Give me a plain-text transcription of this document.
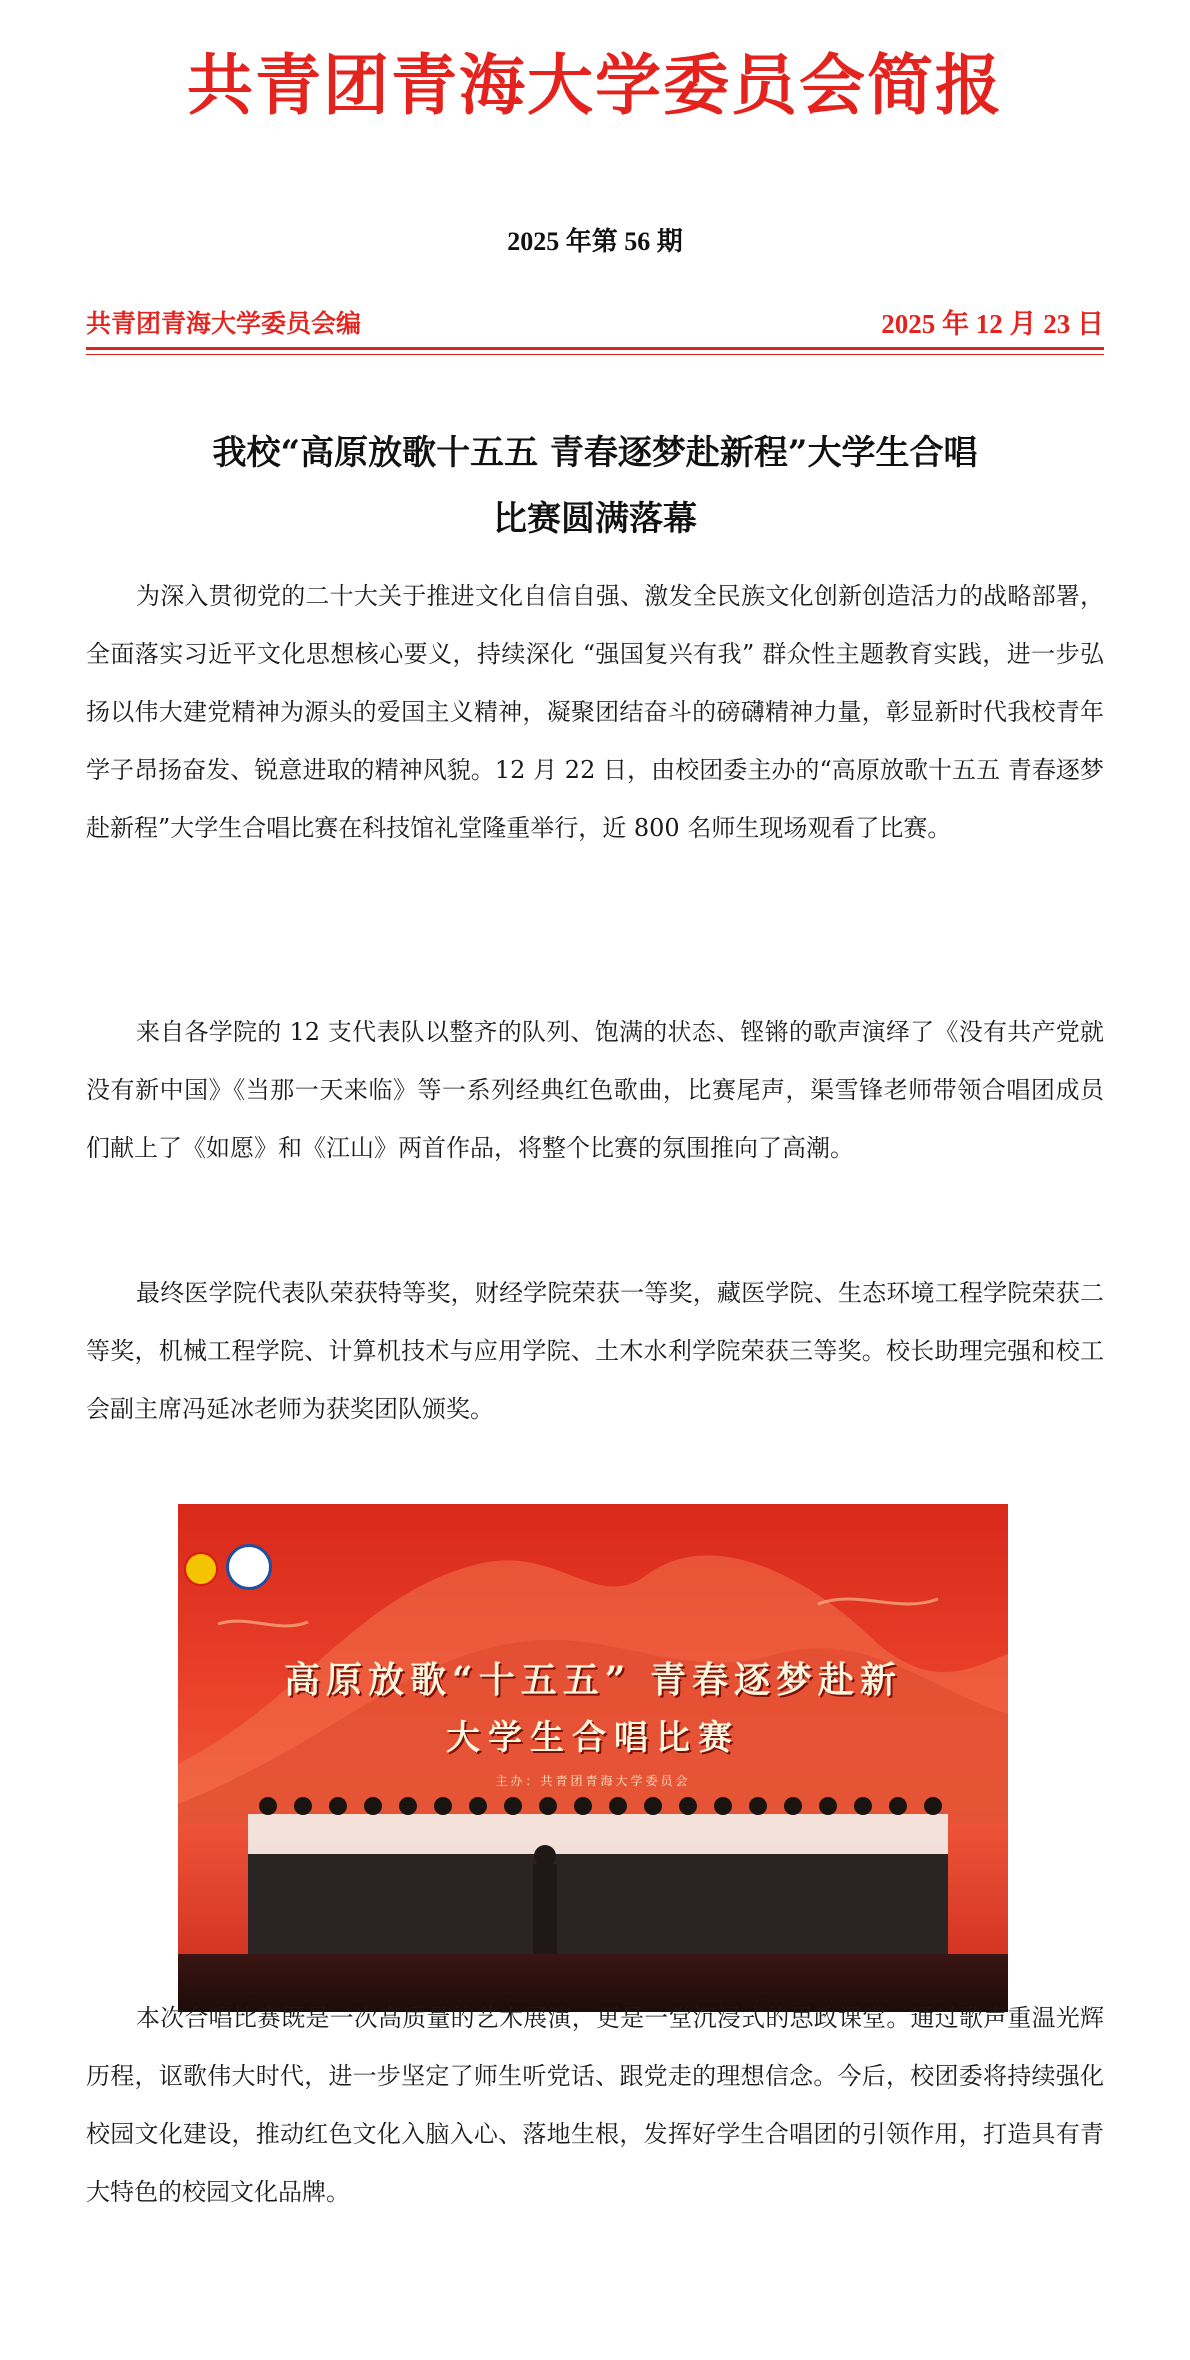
共青团青海大学委员会简报
2025 年第 56 期
共青团青海大学委员会编	2025 年 12 月 23 日
我校“高原放歌十五五 青春逐梦赴新程”大学生合唱
比赛圆满落幕

为深入贯彻党的二十大关于推进文化自信自强、激发全民族文化创新创造活力的战略部署，全面落实习近平文化思想核心要义，持续深化 “强国复兴有我” 群众性主题教育实践，进一步弘扬以伟大建党精神为源头的爱国主义精神，凝聚团结奋斗的磅礴精神力量，彰显新时代我校青年学子昂扬奋发、锐意进取的精神风貌。12 月 22 日，由校团委主办的“高原放歌十五五 青春逐梦赴新程”大学生合唱比赛在科技馆礼堂隆重举行，近 800 名师生现场观看了比赛。

来自各学院的 12 支代表队以整齐的队列、饱满的状态、铿锵的歌声演绎了《没有共产党就没有新中国》《当那一天来临》等一系列经典红色歌曲，比赛尾声，渠雪锋老师带领合唱团成员们献上了《如愿》和《江山》两首作品，将整个比赛的氛围推向了高潮。

最终医学院代表队荣获特等奖，财经学院荣获一等奖，藏医学院、生态环境工程学院荣获二等奖，机械工程学院、计算机技术与应用学院、土木水利学院荣获三等奖。校长助理完强和校工会副主席冯延冰老师为获奖团队颁奖。

高原放歌“十五五” 青春逐梦赴新
大学生合唱比赛
主办：共青团青海大学委员会

本次合唱比赛既是一次高质量的艺术展演，更是一堂沉浸式的思政课堂。通过歌声重温光辉历程，讴歌伟大时代，进一步坚定了师生听党话、跟党走的理想信念。今后，校团委将持续强化校园文化建设，推动红色文化入脑入心、落地生根，发挥好学生合唱团的引领作用，打造具有青大特色的校园文化品牌。
